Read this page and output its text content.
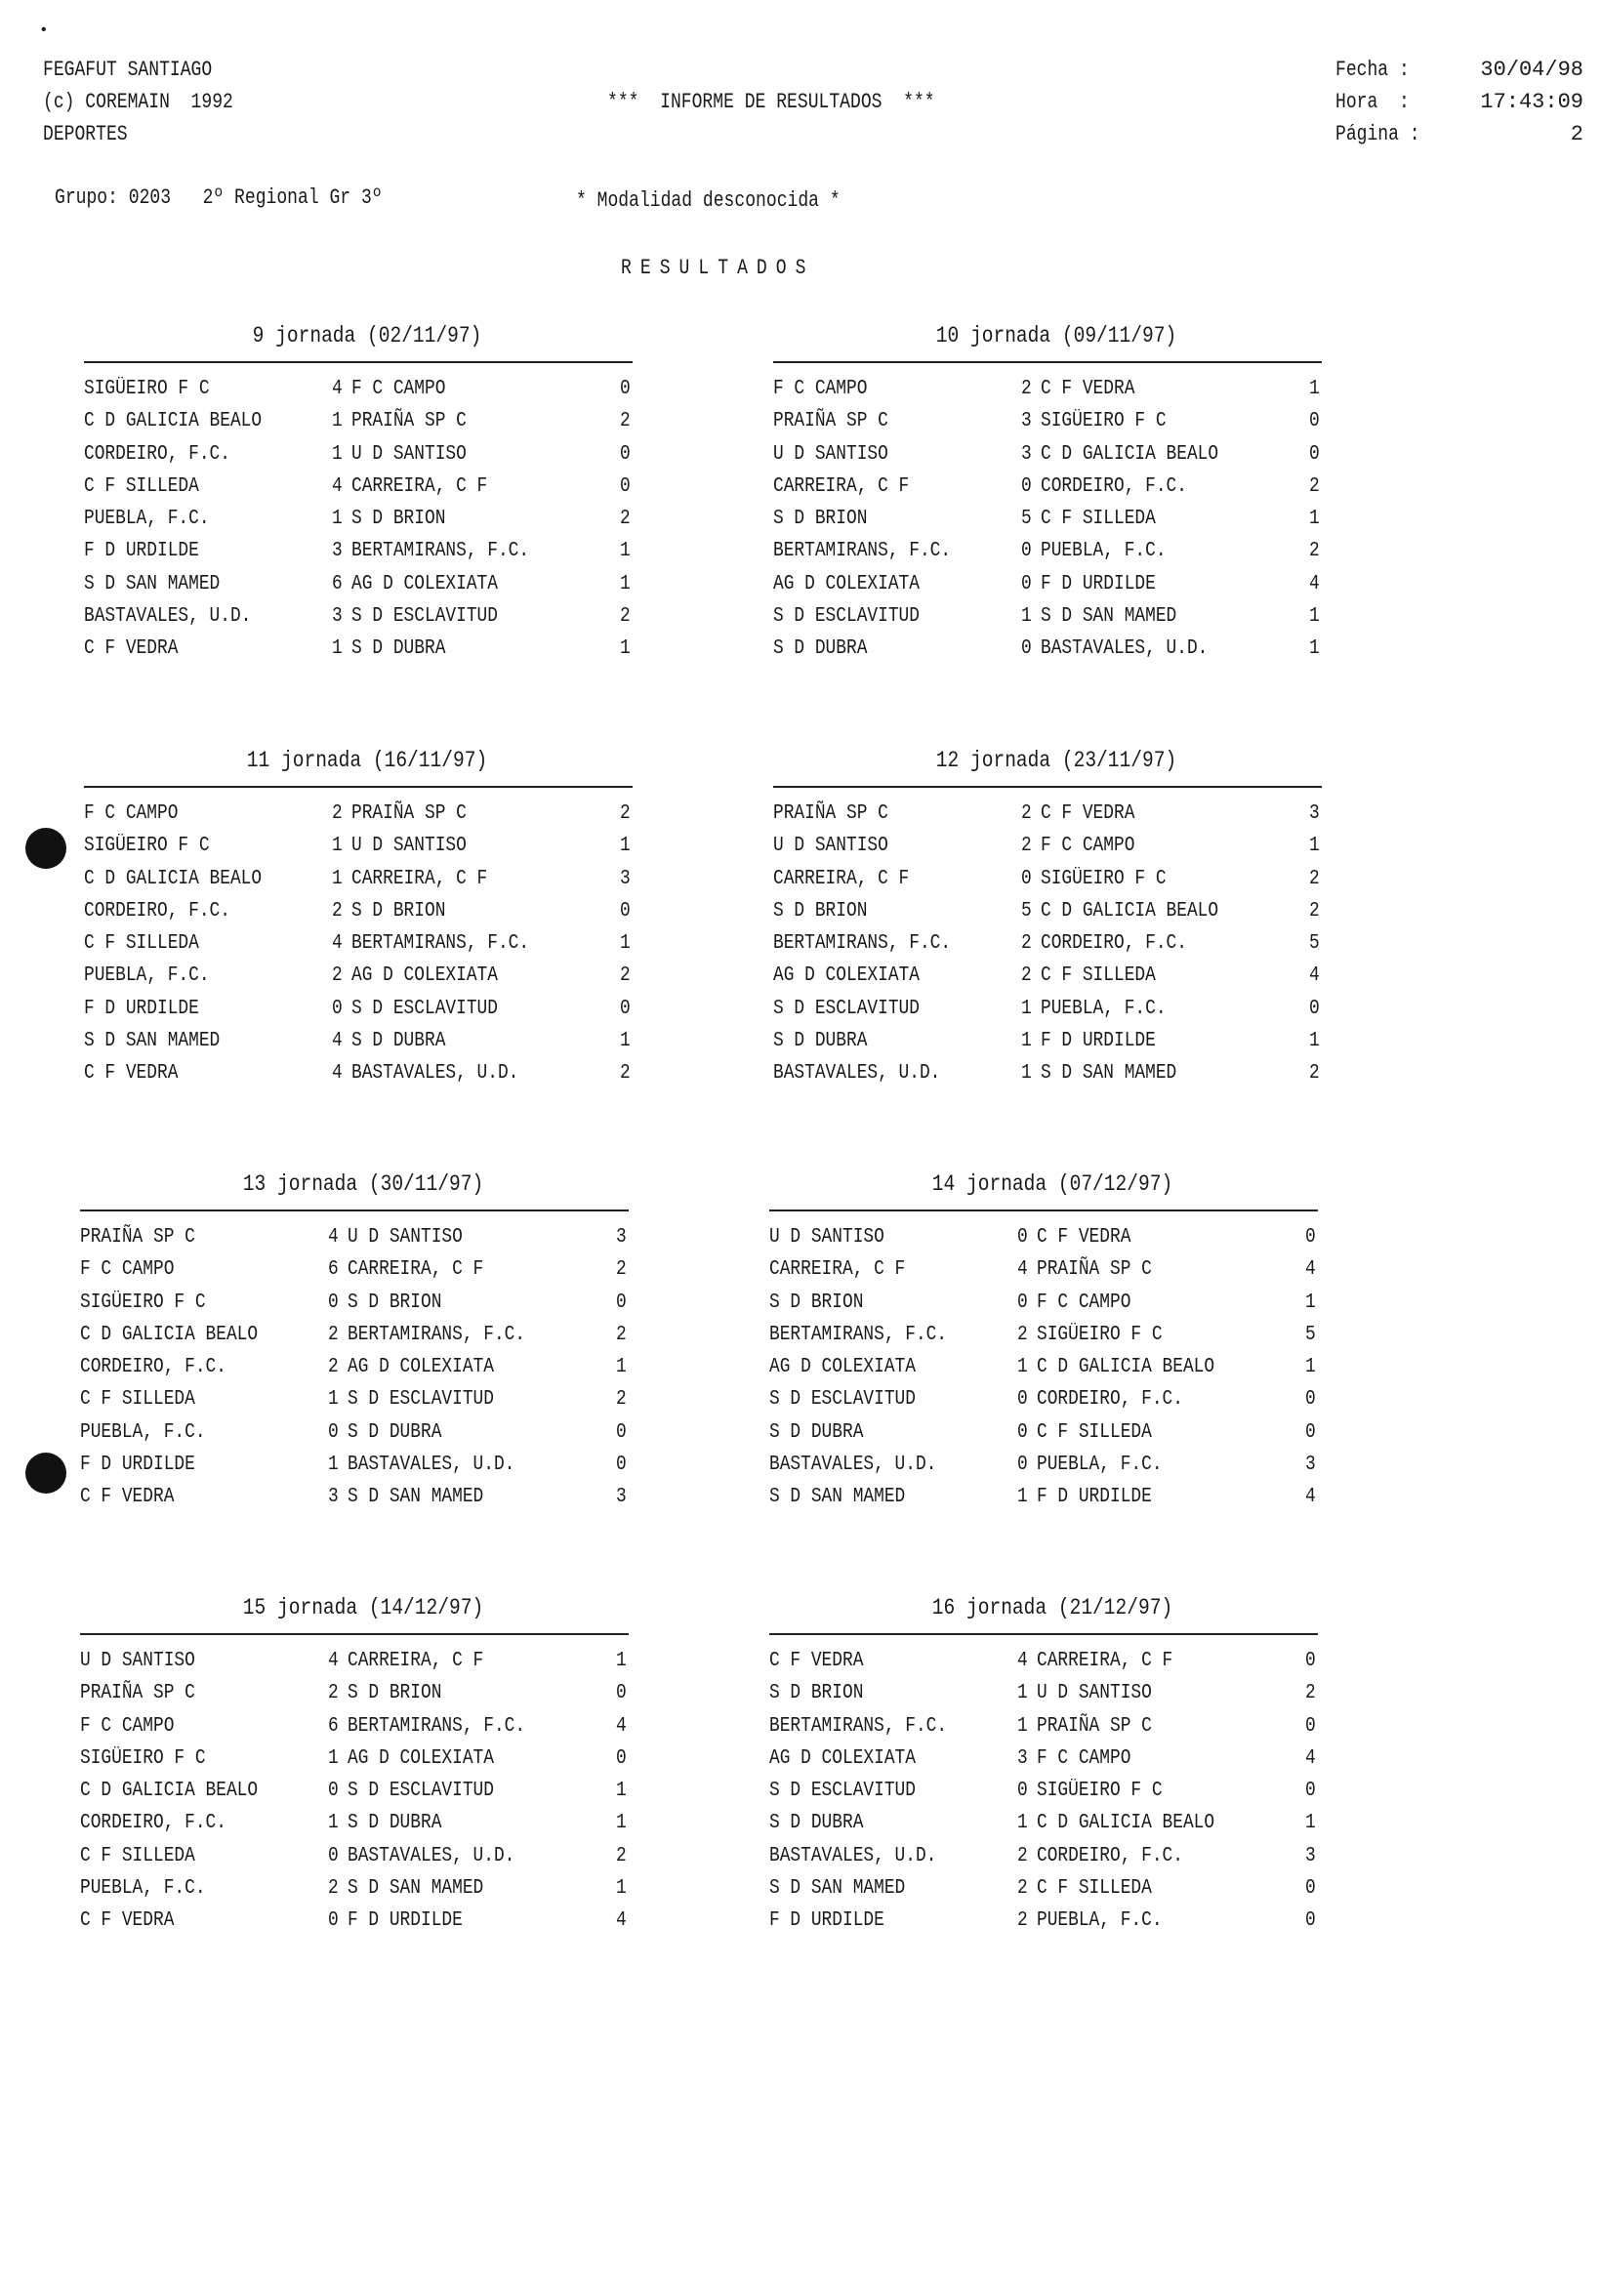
FEGAFUT SANTIAGO
(c) COREMAIN  1992
DEPORTES
***  INFORME DE RESULTADOS  ***
Fecha :	30/04/98
Hora  :	17:43:09
Página :	2
Grupo: 0203 2º Regional Gr 3º	* Modalidad desconocida *
RESULTADOS
9 jornada (02/11/97)
SIGÜEIRO F C	4 F C CAMPO	0
C D GALICIA BEALO	1 PRAIÑA SP C	2
CORDEIRO, F.C.	1 U D SANTISO	0
C F SILLEDA	4 CARREIRA, C F	0
PUEBLA, F.C.	1 S D BRION	2
F D URDILDE	3 BERTAMIRANS, F.C.	1
S D SAN MAMED	6 AG D COLEXIATA	1
BASTAVALES, U.D.	3 S D ESCLAVITUD	2
C F VEDRA	1 S D DUBRA	1
10 jornada (09/11/97)
F C CAMPO	2 C F VEDRA	1
PRAIÑA SP C	3 SIGÜEIRO F C	0
U D SANTISO	3 C D GALICIA BEALO	0
CARREIRA, C F	0 CORDEIRO, F.C.	2
S D BRION	5 C F SILLEDA	1
BERTAMIRANS, F.C.	0 PUEBLA, F.C.	2
AG D COLEXIATA	0 F D URDILDE	4
S D ESCLAVITUD	1 S D SAN MAMED	1
S D DUBRA	0 BASTAVALES, U.D.	1
11 jornada (16/11/97)
F C CAMPO	2 PRAIÑA SP C	2
SIGÜEIRO F C	1 U D SANTISO	1
C D GALICIA BEALO	1 CARREIRA, C F	3
CORDEIRO, F.C.	2 S D BRION	0
C F SILLEDA	4 BERTAMIRANS, F.C.	1
PUEBLA, F.C.	2 AG D COLEXIATA	2
F D URDILDE	0 S D ESCLAVITUD	0
S D SAN MAMED	4 S D DUBRA	1
C F VEDRA	4 BASTAVALES, U.D.	2
12 jornada (23/11/97)
PRAIÑA SP C	2 C F VEDRA	3
U D SANTISO	2 F C CAMPO	1
CARREIRA, C F	0 SIGÜEIRO F C	2
S D BRION	5 C D GALICIA BEALO	2
BERTAMIRANS, F.C.	2 CORDEIRO, F.C.	5
AG D COLEXIATA	2 C F SILLEDA	4
S D ESCLAVITUD	1 PUEBLA, F.C.	0
S D DUBRA	1 F D URDILDE	1
BASTAVALES, U.D.	1 S D SAN MAMED	2
13 jornada (30/11/97)
PRAIÑA SP C	4 U D SANTISO	3
F C CAMPO	6 CARREIRA, C F	2
SIGÜEIRO F C	0 S D BRION	0
C D GALICIA BEALO	2 BERTAMIRANS, F.C.	2
CORDEIRO, F.C.	2 AG D COLEXIATA	1
C F SILLEDA	1 S D ESCLAVITUD	2
PUEBLA, F.C.	0 S D DUBRA	0
F D URDILDE	1 BASTAVALES, U.D.	0
C F VEDRA	3 S D SAN MAMED	3
14 jornada (07/12/97)
U D SANTISO	0 C F VEDRA	0
CARREIRA, C F	4 PRAIÑA SP C	4
S D BRION	0 F C CAMPO	1
BERTAMIRANS, F.C.	2 SIGÜEIRO F C	5
AG D COLEXIATA	1 C D GALICIA BEALO	1
S D ESCLAVITUD	0 CORDEIRO, F.C.	0
S D DUBRA	0 C F SILLEDA	0
BASTAVALES, U.D.	0 PUEBLA, F.C.	3
S D SAN MAMED	1 F D URDILDE	4
15 jornada (14/12/97)
U D SANTISO	4 CARREIRA, C F	1
PRAIÑA SP C	2 S D BRION	0
F C CAMPO	6 BERTAMIRANS, F.C.	4
SIGÜEIRO F C	1 AG D COLEXIATA	0
C D GALICIA BEALO	0 S D ESCLAVITUD	1
CORDEIRO, F.C.	1 S D DUBRA	1
C F SILLEDA	0 BASTAVALES, U.D.	2
PUEBLA, F.C.	2 S D SAN MAMED	1
C F VEDRA	0 F D URDILDE	4
16 jornada (21/12/97)
C F VEDRA	4 CARREIRA, C F	0
S D BRION	1 U D SANTISO	2
BERTAMIRANS, F.C.	1 PRAIÑA SP C	0
AG D COLEXIATA	3 F C CAMPO	4
S D ESCLAVITUD	0 SIGÜEIRO F C	0
S D DUBRA	1 C D GALICIA BEALO	1
BASTAVALES, U.D.	2 CORDEIRO, F.C.	3
S D SAN MAMED	2 C F SILLEDA	0
F D URDILDE	2 PUEBLA, F.C.	0
•
